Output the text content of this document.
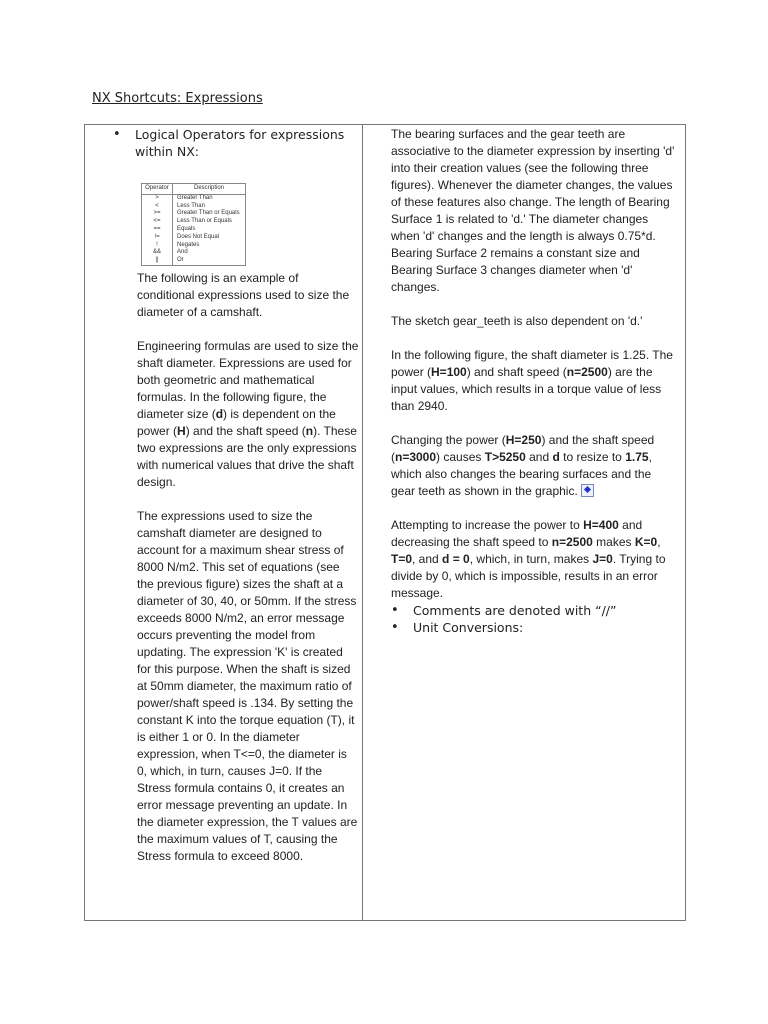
NX Shortcuts: Expressions
•	Logical Operators for expressions within NX:
Operator	Description
>	Greater Than
<	Less Than
>=	Greater Than or Equals
<=	Less Than or Equals
==	Equals
!=	Does Not Equal
!	Negates
&&	And
||	Or

The following is an example of conditional expressions used to size the diameter of a camshaft.

Engineering formulas are used to size the shaft diameter. Expressions are used for both geometric and mathematical formulas. In the following figure, the diameter size (d) is dependent on the power (H) and the shaft speed (n). These two expressions are the only expressions with numerical values that drive the shaft design.

The expressions used to size the camshaft diameter are designed to account for a maximum shear stress of 8000 N/m2. This set of equations (see the previous figure) sizes the shaft at a diameter of 30, 40, or 50mm. If the stress exceeds 8000 N/m2, an error message occurs preventing the model from updating. The expression 'K' is created for this purpose. When the shaft is sized at 50mm diameter, the maximum ratio of power/shaft speed is .134. By setting the constant K into the torque equation (T), it is either 1 or 0. In the diameter expression, when T<=0, the diameter is 0, which, in turn, causes J=0. If the Stress formula contains 0, it creates an error message preventing an update. In the diameter expression, the T values are the maximum values of T, causing the Stress formula to exceed 8000.

The bearing surfaces and the gear teeth are associative to the diameter expression by inserting 'd' into their creation values (see the following three figures). Whenever the diameter changes, the values of these features also change. The length of Bearing Surface 1 is related to 'd.' The diameter changes when 'd' changes and the length is always 0.75*d. Bearing Surface 2 remains a constant size and Bearing Surface 3 changes diameter when 'd' changes.

The sketch gear_teeth is also dependent on 'd.'

In the following figure, the shaft diameter is 1.25. The power (H=100) and shaft speed (n=2500) are the input values, which results in a torque value of less than 2940.

Changing the power (H=250) and the shaft speed (n=3000) causes T>5250 and d to resize to 1.75, which also changes the bearing surfaces and the gear teeth as shown in the graphic.

Attempting to increase the power to H=400 and decreasing the shaft speed to n=2500 makes K=0, T=0, and d = 0, which, in turn, makes J=0. Trying to divide by 0, which is impossible, results in an error message.

•	Comments are denoted with “//”
•	Unit Conversions:
